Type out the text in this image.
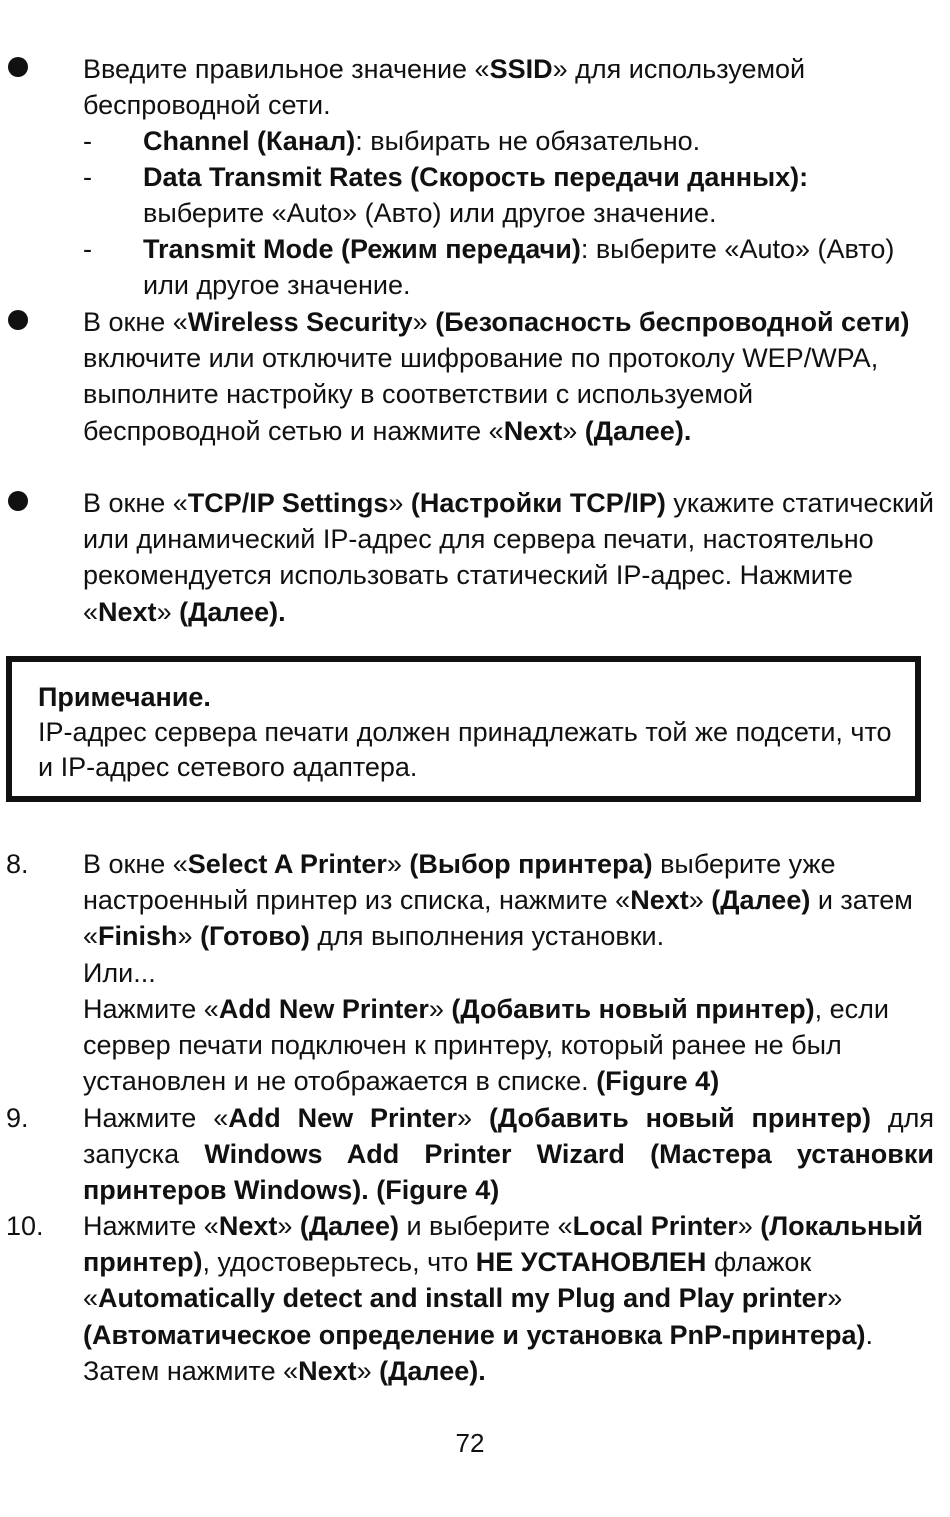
Введите правильное значение «SSID» для используемой беспроводной сети.
- Channel (Канал): выбирать не обязательно.
- Data Transmit Rates (Скорость передачи данных): выберите «Auto» (Авто) или другое значение.
- Transmit Mode (Режим передачи): выберите «Auto» (Авто) или другое значение.
В окне «Wireless Security» (Безопасность беспроводной сети) включите или отключите шифрование по протоколу WEP/WPA, выполните настройку в соответствии с используемой беспроводной сетью и нажмите «Next» (Далее).
В окне «TCP/IP Settings» (Настройки TCP/IP) укажите статический или динамический IP-адрес для сервера печати, настоятельно рекомендуется использовать статический IP-адрес. Нажмите «Next» (Далее).
Примечание.
IP-адрес сервера печати должен принадлежать той же подсети, что и IP-адрес сетевого адаптера.
8. В окне «Select A Printer» (Выбор принтера) выберите уже настроенный принтер из списка, нажмите «Next» (Далее) и затем «Finish» (Готово) для выполнения установки.
Или...
Нажмите «Add New Printer» (Добавить новый принтер), если сервер печати подключен к принтеру, который ранее не был установлен и не отображается в списке. (Figure 4)
9. Нажмите «Add New Printer» (Добавить новый принтер) для запуска Windows Add Printer Wizard (Мастера установки принтеров Windows). (Figure 4)
10. Нажмите «Next» (Далее) и выберите «Local Printer» (Локальный принтер), удостоверьтесь, что НЕ УСТАНОВЛЕН флажок «Automatically detect and install my Plug and Play printer» (Автоматическое определение и установка PnP-принтера). Затем нажмите «Next» (Далее).
72
